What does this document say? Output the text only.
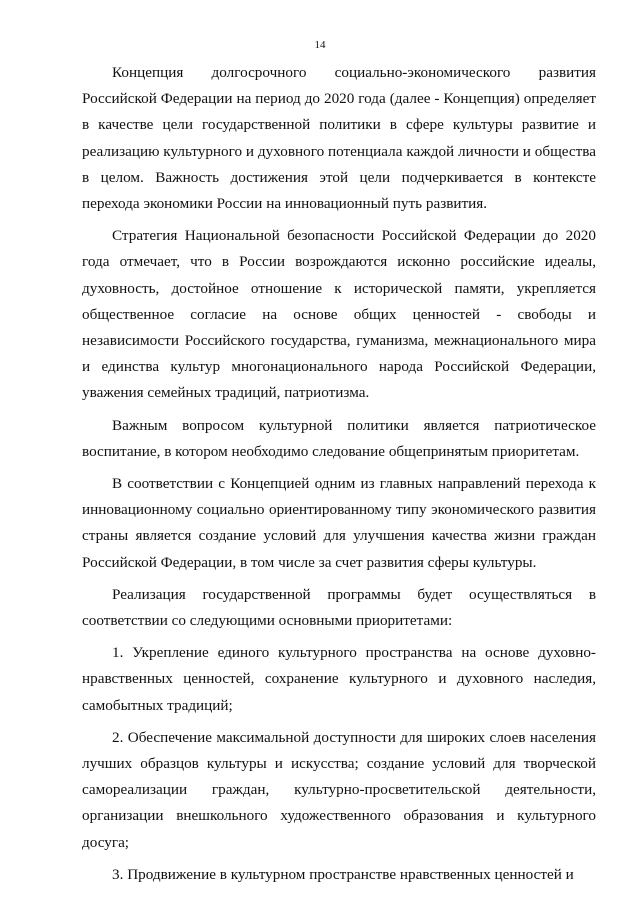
14

Концепция долгосрочного социально-экономического развития Российской Федерации на период до 2020 года (далее - Концепция) определяет в качестве цели государственной политики в сфере культуры развитие и реализацию культурного и духовного потенциала каждой личности и общества в целом. Важность достижения этой цели подчеркивается в контексте перехода экономики России на инновационный путь развития.

Стратегия Национальной безопасности Российской Федерации до 2020 года отмечает, что в России возрождаются исконно российские идеалы, духовность, достойное отношение к исторической памяти, укрепляется общественное согласие на основе общих ценностей - свободы и независимости Российского государства, гуманизма, межнационального мира и единства культур многонационального народа Российской Федерации, уважения семейных традиций, патриотизма.

Важным вопросом культурной политики является патриотическое воспитание, в котором необходимо следование общепринятым приоритетам.

В соответствии с Концепцией одним из главных направлений перехода к инновационному социально ориентированному типу экономического развития страны является создание условий для улучшения качества жизни граждан Российской Федерации, в том числе за счет развития сферы культуры.

Реализация государственной программы будет осуществляться в соответствии со следующими основными приоритетами:

1. Укрепление единого культурного пространства на основе духовно-нравственных ценностей, сохранение культурного и духовного наследия, самобытных традиций;

2. Обеспечение максимальной доступности для широких слоев населения лучших образцов культуры и искусства; создание условий для творческой самореализации граждан, культурно-просветительской деятельности, организации внешкольного художественного образования и культурного досуга;

3. Продвижение в культурном пространстве нравственных ценностей и
